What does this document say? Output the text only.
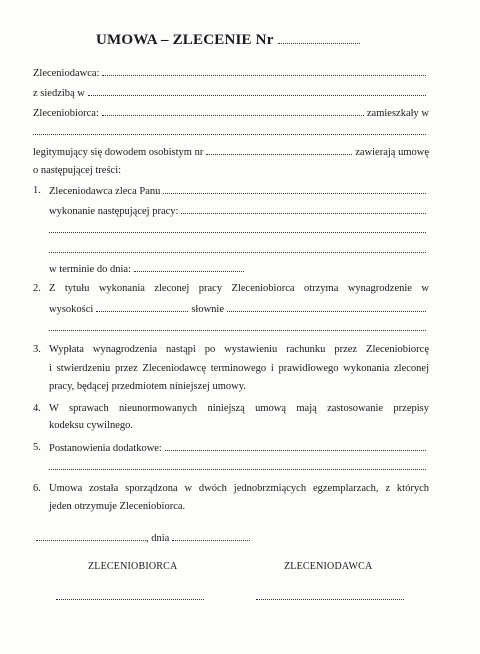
UMOWA – ZLECENIE Nr
Zleceniodawca:
z siedzibą w
Zleceniobiorca:	zamieszkały w
legitymujący się dowodem osobistym nr	zawierają umowę
o następującej treści:
1. Zleceniodawca zleca Panu
wykonanie następującej pracy:
w terminie do dnia:
2. Z tytułu wykonania zleconej pracy Zleceniobiorca otrzyma wynagrodzenie w
wysokości	słownie
3. Wypłata wynagrodzenia nastąpi po wystawieniu rachunku przez Zleceniobiorcę
i stwierdzeniu przez Zleceniodawcę terminowego i prawidłowego wykonania zleconej
pracy, będącej przedmiotem niniejszej umowy.
4. W sprawach nieunormowanych niniejszą umową mają zastosowanie przepisy
kodeksu cywilnego.
5. Postanowienia dodatkowe:
6. Umowa została sporządzona w dwóch jednobrzmiących egzemplarzach, z których
jeden otrzymuje Zleceniobiorca.
, dnia
ZLECENIOBIORCA	ZLECENIODAWCA
